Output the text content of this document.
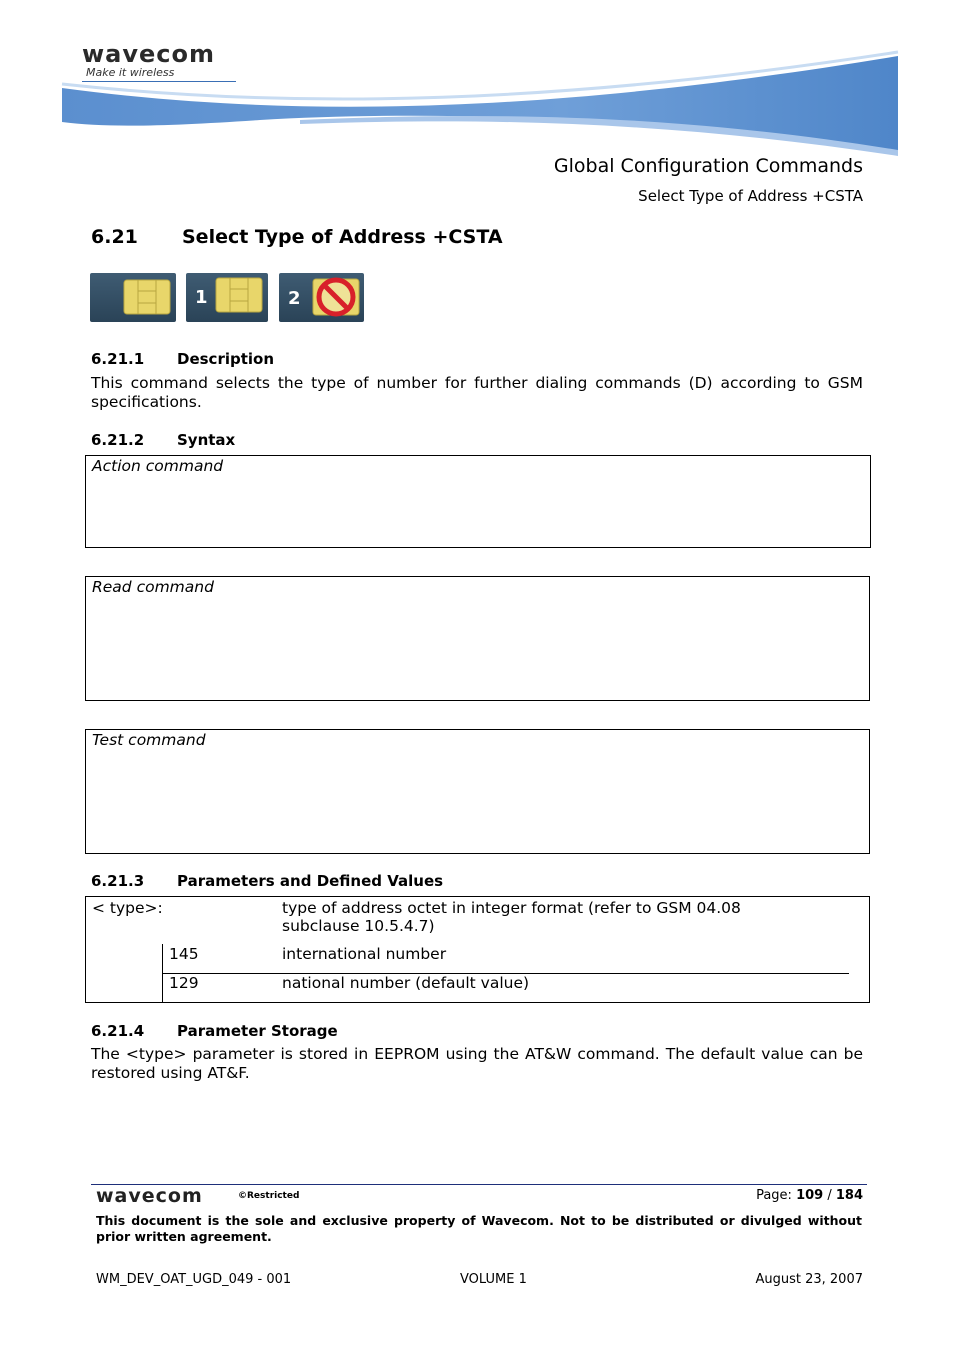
wavecom
Make it wireless
Global Configuration Commands
Select Type of Address +CSTA
6.21 Select Type of Address +CSTA
1	2
6.21.1 Description
This command selects the type of number for further dialing commands (D) according to GSM specifications.
6.21.2 Syntax
Action command
Read command
Test command
6.21.3 Parameters and Defined Values
< type>:	type of address octet in integer format (refer to GSM 04.08
subclause 10.5.4.7)
145	international number
129	national number (default value)
6.21.4 Parameter Storage
The <type> parameter is stored in EEPROM using the AT&W command. The default value can be restored using AT&F.
wavecom	©Restricted	Page: 109 / 184
This document is the sole and exclusive property of Wavecom. Not to be distributed or divulged without prior written agreement.
WM_DEV_OAT_UGD_049 - 001	VOLUME 1	August 23, 2007
